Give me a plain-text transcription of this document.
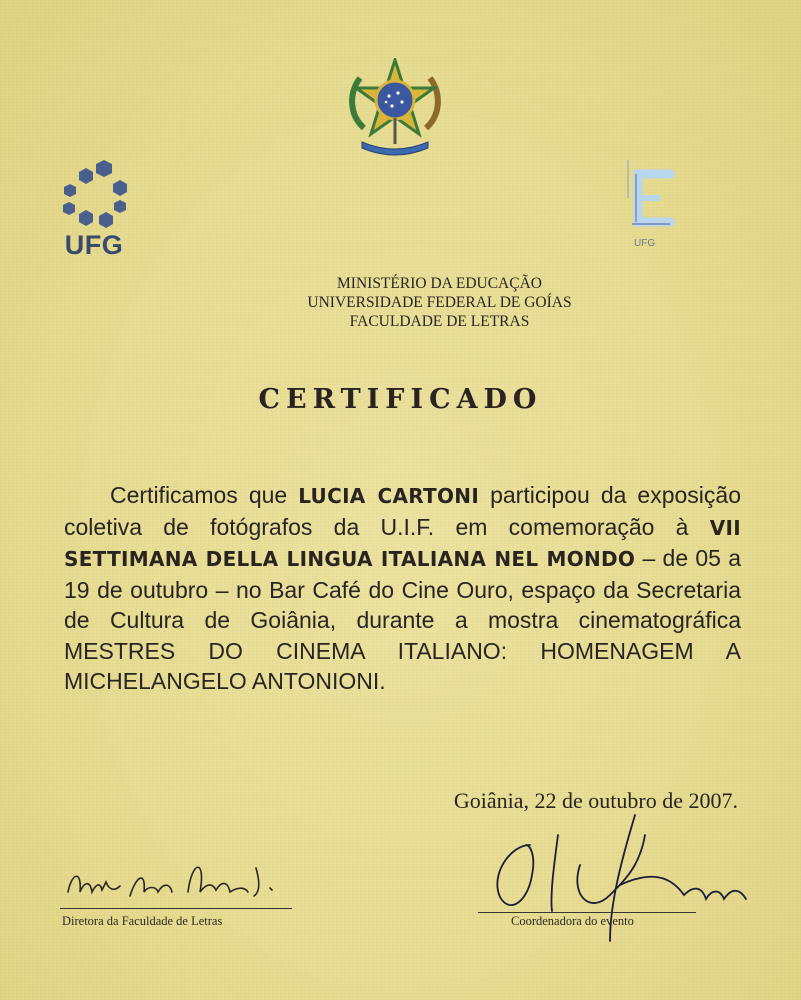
UFG	UFG
MINISTÉRIO DA EDUCAÇÃO
UNIVERSIDADE FEDERAL DE GOÍAS
FACULDADE DE LETRAS
CERTIFICADO
Certificamos que LUCIA CARTONI participou da exposição coletiva de fotógrafos da U.I.F. em comemoração à VII SETTIMANA DELLA LINGUA ITALIANA NEL MONDO – de 05 a 19 de outubro – no Bar Café do Cine Ouro, espaço da Secretaria de Cultura de Goiânia, durante a mostra cinematográfica MESTRES DO CINEMA ITALIANO: HOMENAGEM A MICHELANGELO ANTONIONI.
Goiânia, 22 de outubro de 2007.
Diretora da Faculdade de Letras	Coordenadora do evento
